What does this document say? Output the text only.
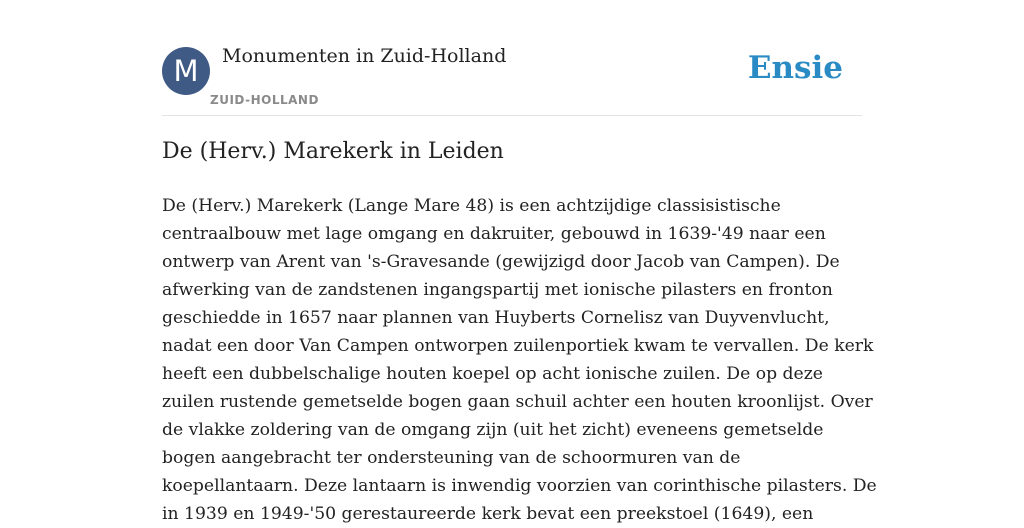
M	Monumenten in Zuid-Holland
ZUID-HOLLAND
Ensie
De (Herv.) Marekerk in Leiden
De (Herv.) Marekerk (Lange Mare 48) is een achtzijdige classisistische
centraalbouw met lage omgang en dakruiter, gebouwd in 1639-'49 naar een
ontwerp van Arent van 's-Gravesande (gewijzigd door Jacob van Campen). De
afwerking van de zandstenen ingangspartij met ionische pilasters en fronton
geschiedde in 1657 naar plannen van Huyberts Cornelisz van Duyvenvlucht,
nadat een door Van Campen ontworpen zuilenportiek kwam te vervallen. De kerk
heeft een dubbelschalige houten koepel op acht ionische zuilen. De op deze
zuilen rustende gemetselde bogen gaan schuil achter een houten kroonlijst. Over
de vlakke zoldering van de omgang zijn (uit het zicht) eveneens gemetselde
bogen aangebracht ter ondersteuning van de schoormuren van de
koepellantaarn. Deze lantaarn is inwendig voorzien van corinthische pilasters. De
in 1939 en 1949-'50 gerestaureerde kerk bevat een preekstoel (1649), een
